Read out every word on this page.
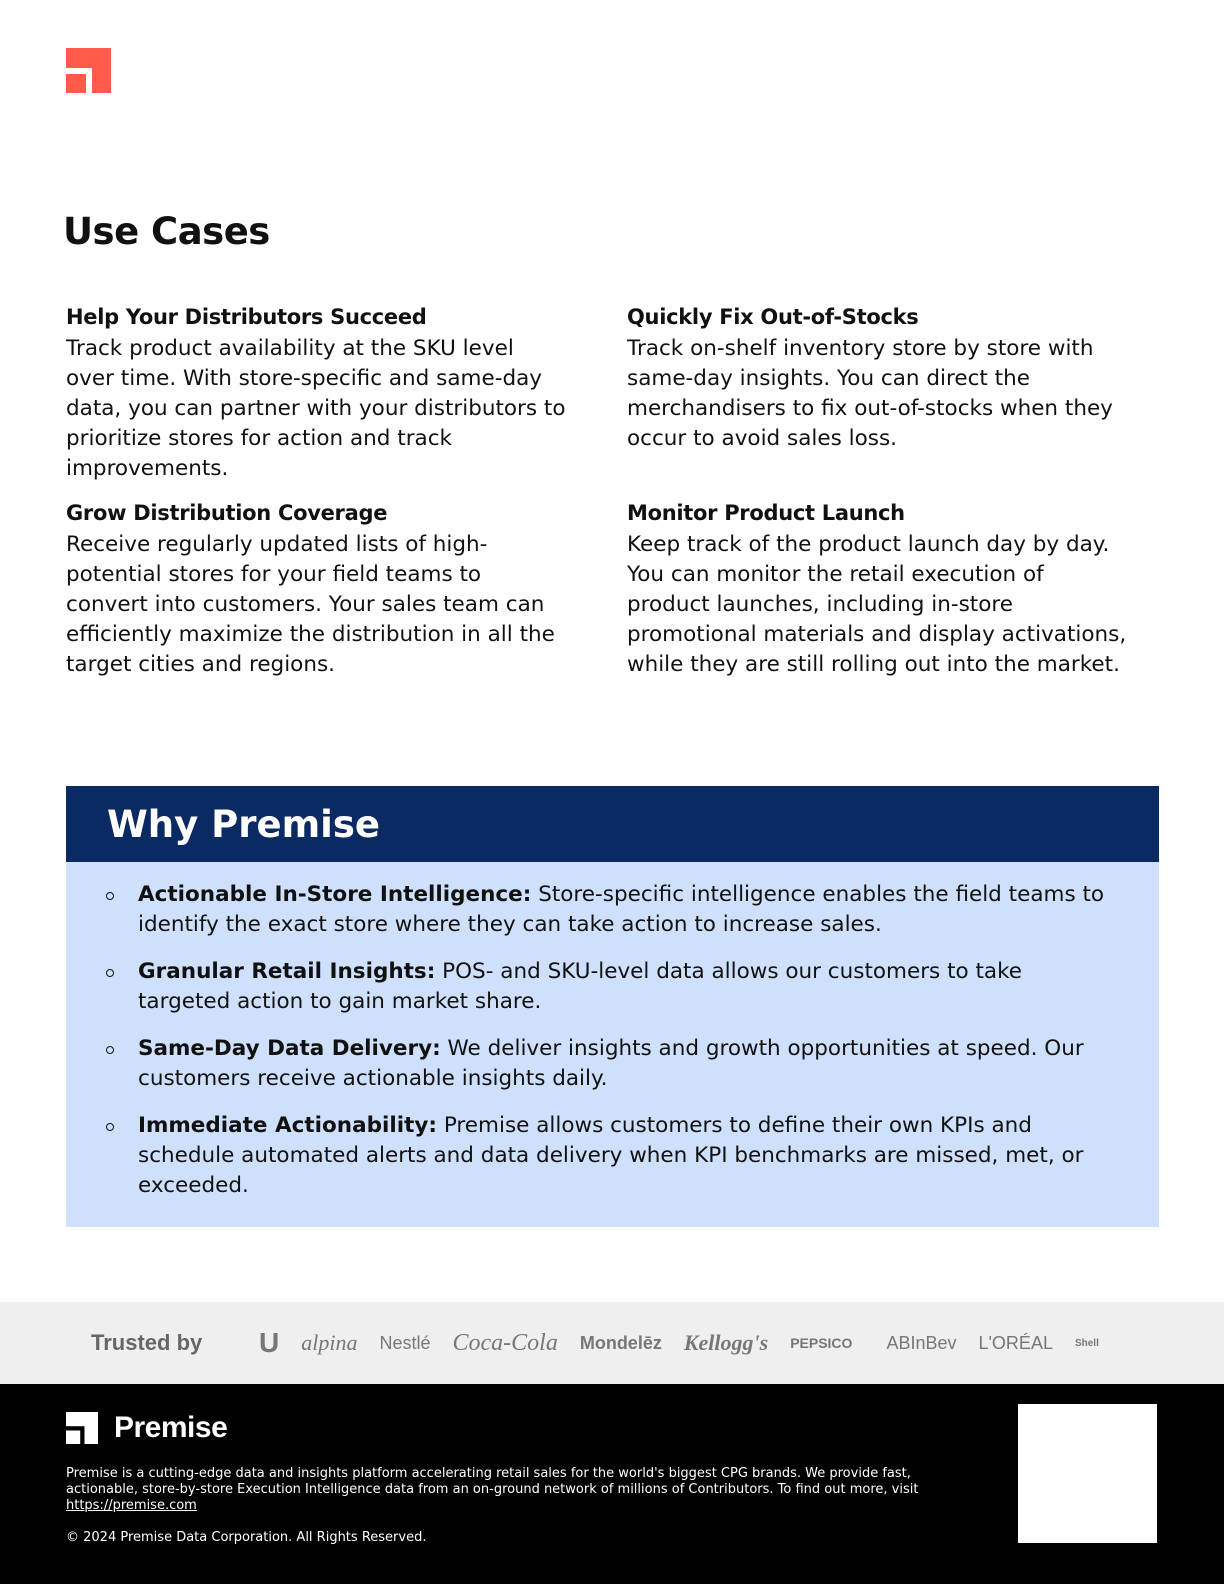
Use Cases
Help Your Distributors Succeed

Track product availability at the SKU level over time. With store-specific and same-day data, you can partner with your distributors to prioritize stores for action and track improvements.

Quickly Fix Out-of-Stocks

Track on-shelf inventory store by store with same-day insights. You can direct the merchandisers to fix out-of-stocks when they occur to avoid sales loss.

Grow Distribution Coverage

Receive regularly updated lists of high-potential stores for your field teams to convert into customers. Your sales team can efficiently maximize the distribution in all the target cities and regions.

Monitor Product Launch

Keep track of the product launch day by day. You can monitor the retail execution of product launches, including in-store promotional materials and display activations, while they are still rolling out into the market.

Why Premise
Actionable In-Store Intelligence: Store-specific intelligence enables the field teams to identify the exact store where they can take action to increase sales.
Granular Retail Insights: POS- and SKU-level data allows our customers to take targeted action to gain market share.
Same-Day Data Delivery: We deliver insights and growth opportunities at speed. Our customers receive actionable insights daily.
Immediate Actionability: Premise allows customers to define their own KPIs and schedule automated alerts and data delivery when KPI benchmarks are missed, met, or exceeded.
Trusted by	U alpina Nestlé Coca-Cola Mondelēz Kellogg's PEPSICO ABInBev L'ORÉAL Shell
Premise
Premise is a cutting-edge data and insights platform accelerating retail sales for the world's biggest CPG brands. We provide fast, actionable, store-by-store Execution Intelligence data from an on-ground network of millions of Contributors. To find out more, visit https://premise.com
© 2024 Premise Data Corporation. All Rights Reserved.
